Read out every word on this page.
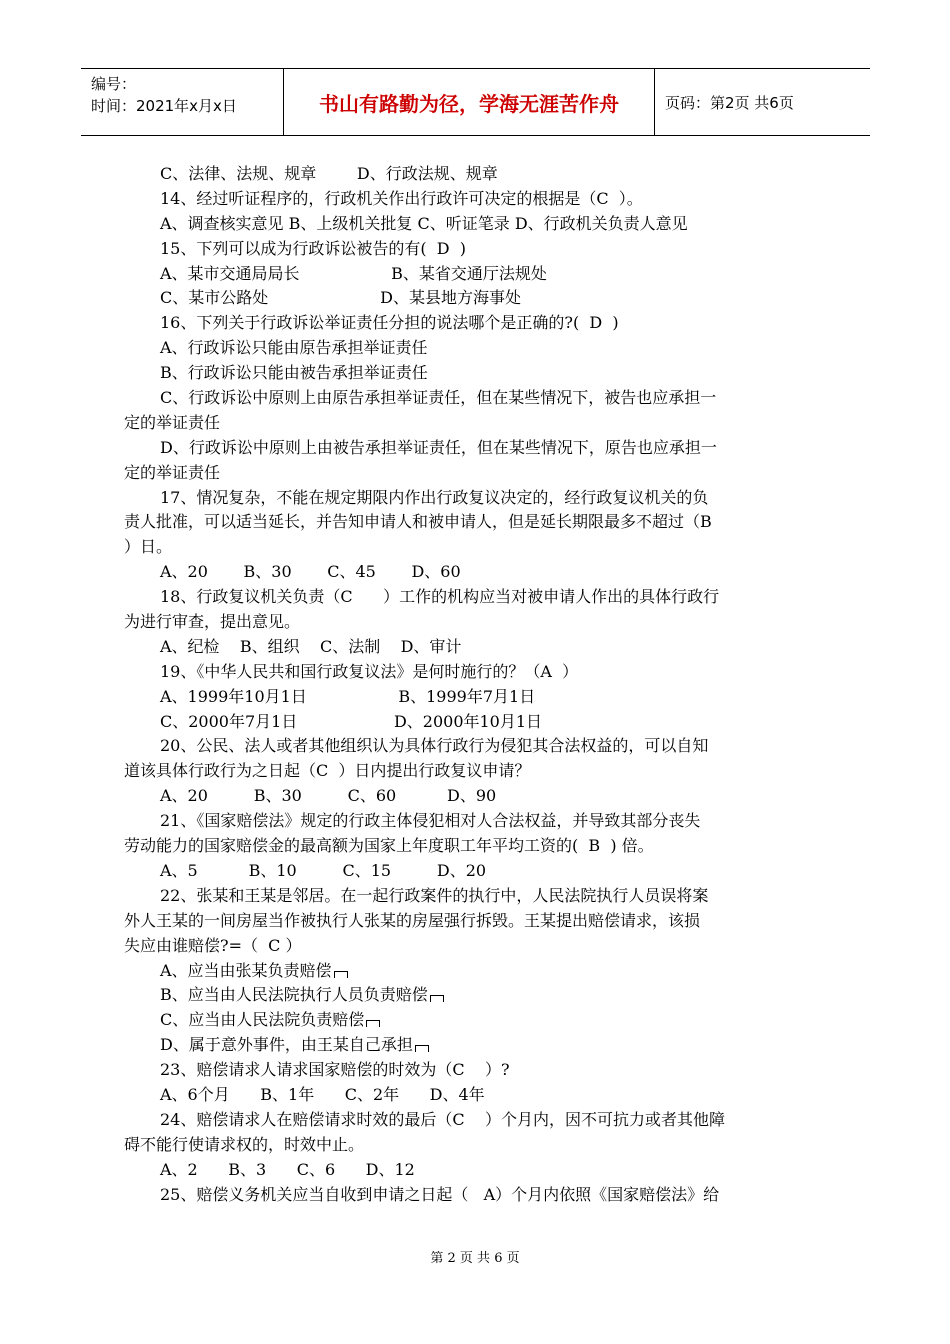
编号：
时间：2021年x月x日	书山有路勤为径，学海无涯苦作舟	页码：第2页 共6页

C、法律、法规、规章        D、行政法规、规章

14、经过听证程序的，行政机关作出行政许可决定的根据是（C  ）。

A、调查核实意见 B、上级机关批复 C、听证笔录 D、行政机关负责人意见

15、下列可以成为行政诉讼被告的有(  D  )

A、某市交通局局长                  B、某省交通厅法规处

C、某市公路处                      D、某县地方海事处

16、下列关于行政诉讼举证责任分担的说法哪个是正确的?(  D  )

A、行政诉讼只能由原告承担举证责任

B、行政诉讼只能由被告承担举证责任

C、行政诉讼中原则上由原告承担举证责任，但在某些情况下，被告也应承担一

定的举证责任

D、行政诉讼中原则上由被告承担举证责任，但在某些情况下，原告也应承担一

定的举证责任

17、情况复杂，不能在规定期限内作出行政复议决定的，经行政复议机关的负

责人批准，可以适当延长，并告知申请人和被申请人，但是延长期限最多不超过（B

）日。

A、20       B、30       C、45       D、60

18、行政复议机关负责（C      ）工作的机构应当对被申请人作出的具体行政行

为进行审查，提出意见。

A、纪检    B、组织    C、法制    D、审计

19、《中华人民共和国行政复议法》是何时施行的？（A  ）

A、1999年10月1日                  B、1999年7月1日

C、2000年7月1日                   D、2000年10月1日

20、公民、法人或者其他组织认为具体行政行为侵犯其合法权益的，可以自知

道该具体行政行为之日起（C  ）日内提出行政复议申请？

A、20         B、30         C、60          D、90

21、《国家赔偿法》规定的行政主体侵犯相对人合法权益，并导致其部分丧失

劳动能力的国家赔偿金的最高额为国家上年度职工年平均工资的(  B  ) 倍。

A、5          B、10         C、15         D、20

22、张某和王某是邻居。在一起行政案件的执行中，人民法院执行人员误将案

外人王某的一间房屋当作被执行人张某的房屋强行拆毁。王某提出赔偿请求，该损

失应由谁赔偿?=（  C ）

A、应当由张某负责赔偿

B、应当由人民法院执行人员负责赔偿

C、应当由人民法院负责赔偿

D、属于意外事件，由王某自己承担

23、赔偿请求人请求国家赔偿的时效为（C    ）?

A、6个月      B、1年      C、2年      D、4年

24、赔偿请求人在赔偿请求时效的最后（C    ）个月内，因不可抗力或者其他障

碍不能行使请求权的，时效中止。

A、2      B、3      C、6      D、12

25、赔偿义务机关应当自收到申请之日起（   A）个月内依照《国家赔偿法》给

第 2 页 共 6 页
